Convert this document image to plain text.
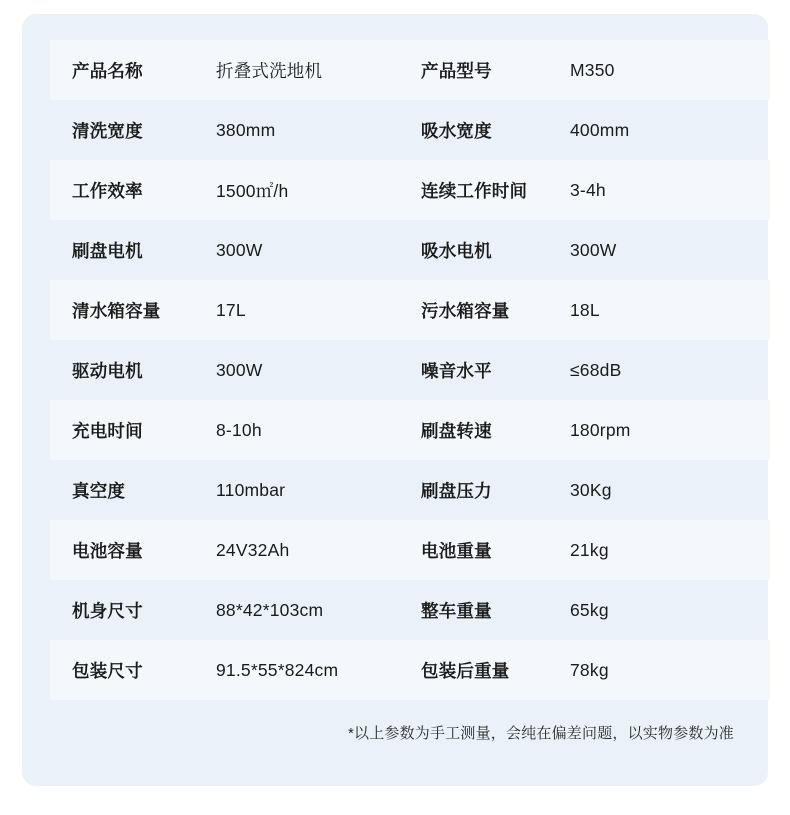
产品名称	折叠式洗地机	产品型号	M350
清洗宽度	380mm	吸水宽度	400mm
工作效率	1500㎡/h	连续工作时间	3-4h
刷盘电机	300W	吸水电机	300W
清水箱容量	17L	污水箱容量	18L
驱动电机	300W	噪音水平	≤68dB
充电时间	8-10h	刷盘转速	180rpm
真空度	110mbar	刷盘压力	30Kg
电池容量	24V32Ah	电池重量	21kg
机身尺寸	88*42*103cm	整车重量	65kg
包装尺寸	91.5*55*824cm	包装后重量	78kg
*以上参数为手工测量，会纯在偏差问题，以实物参数为准
